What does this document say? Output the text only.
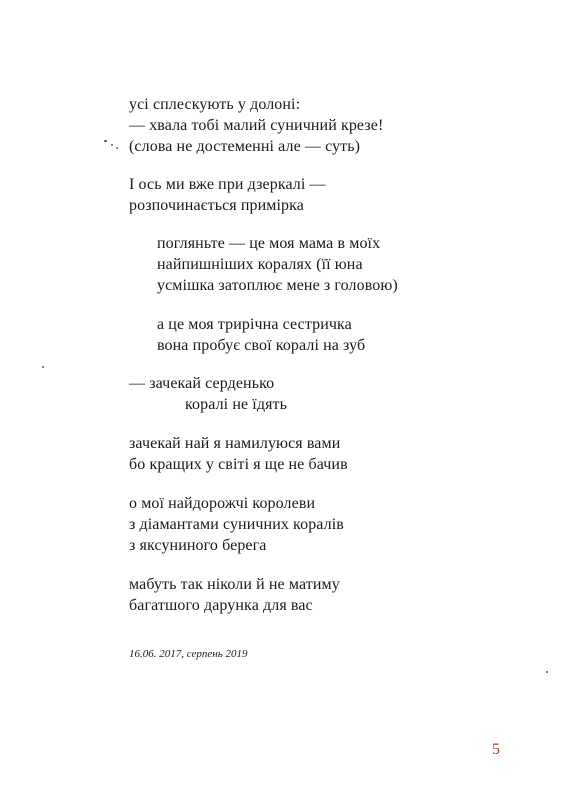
усі сплескують у долоні:
— хвала тобі малий суничний крезе!
(слова не достеменні але — суть)
І ось ми вже при дзеркалі —
розпочинається примірка
погляньте — це моя мама в моїх
найпишніших коралях (її юна
усмішка затоплює мене з головою)
а це моя трирічна сестричка
вона пробує свої коралі на зуб
— зачекай серденько
коралі не їдять
зачекай най я намилуюся вами
бо кращих у світі я ще не бачив
о мої найдорожчі королеви
з діамантами суничних коралів
з яксуниного берега
мабуть так ніколи й не матиму
багатшого дарунка для вас
16.06. 2017, серпень 2019
5
